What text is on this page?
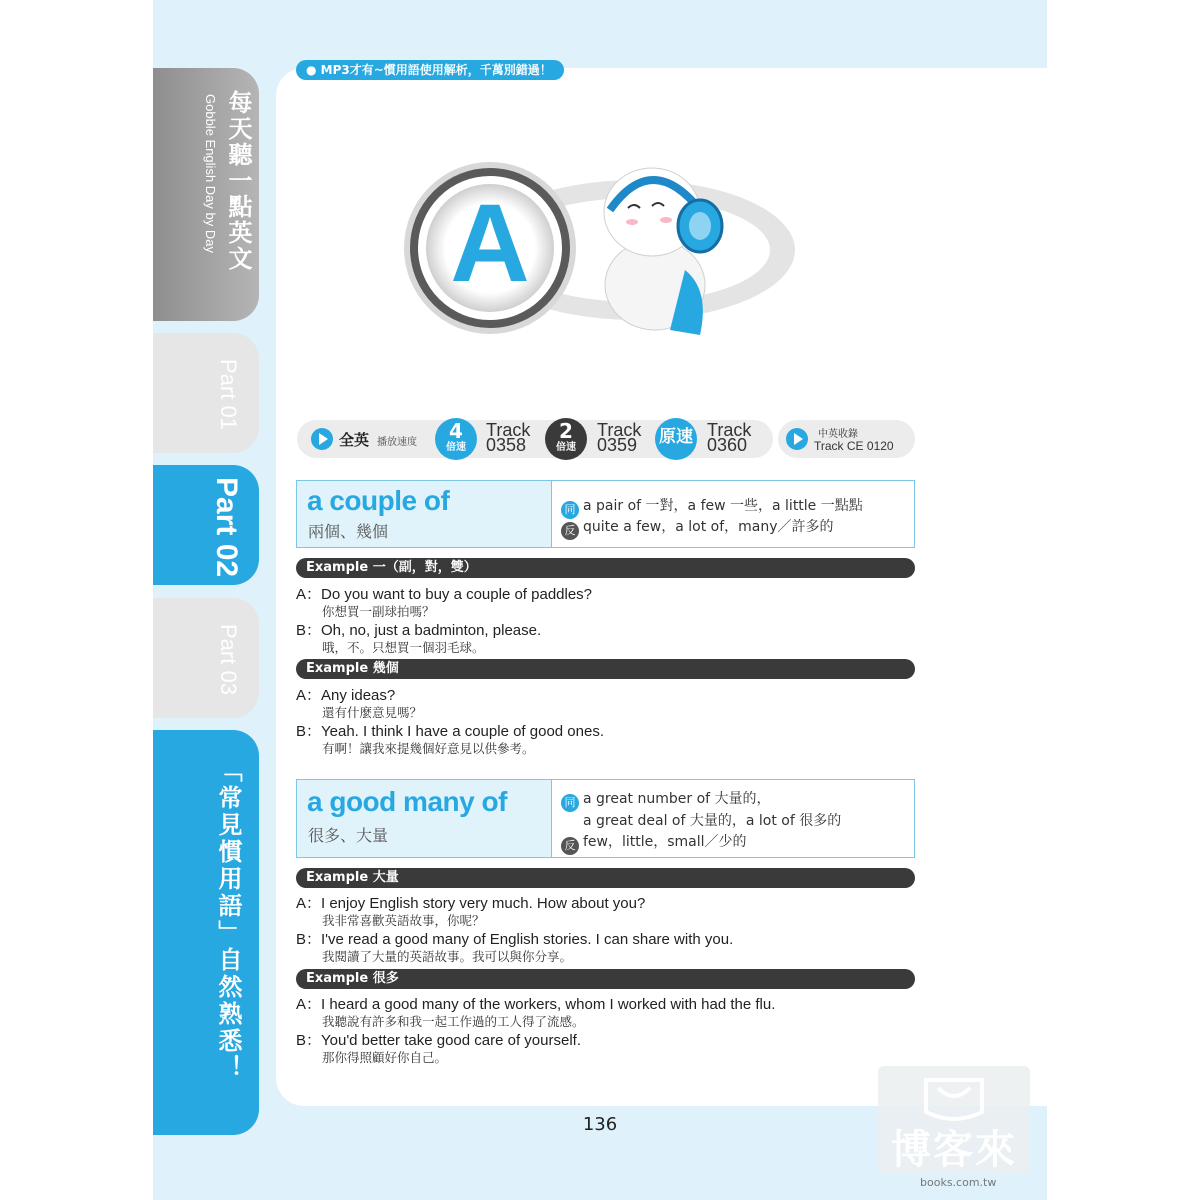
每天聽一點英文
Gobble English Day by Day
Part 01
Part 02
Part 03
「常見慣用語」自然熟悉！
● MP3才有~慣用語使用解析，千萬別錯過！
A
全英 播放速度	4
倍速
Track
0358
2
倍速
Track
0359 原速 Track
0360
中英收錄
Track CE 0120
a couple of
兩個、幾個
同 a pair of 一對，a few 一些，a little 一點點
反 quite a few，a lot of，many／許多的
Example 一（副，對，雙）
A：Do you want to buy a couple of paddles?
你想買一副球拍嗎？
B：Oh, no, just a badminton, please.
哦，不。只想買一個羽毛球。
Example 幾個
A：Any ideas?
還有什麼意見嗎？
B：Yeah. I think I have a couple of good ones.
有啊！讓我來提幾個好意見以供參考。
a good many of
很多、大量
同 a great number of 大量的，
a great deal of 大量的，a lot of 很多的
反 few，little，small／少的
Example 大量
A：I enjoy English story very much. How about you?
我非常喜歡英語故事，你呢？
B：I've read a good many of English stories. I can share with you.
我閱讀了大量的英語故事。我可以與你分享。
Example 很多
A：I heard a good many of the workers, whom I worked with had the flu.
我聽說有許多和我一起工作過的工人得了流感。
B：You'd better take good care of yourself.
那你得照顧好你自己。
136
博客來
books.com.tw
